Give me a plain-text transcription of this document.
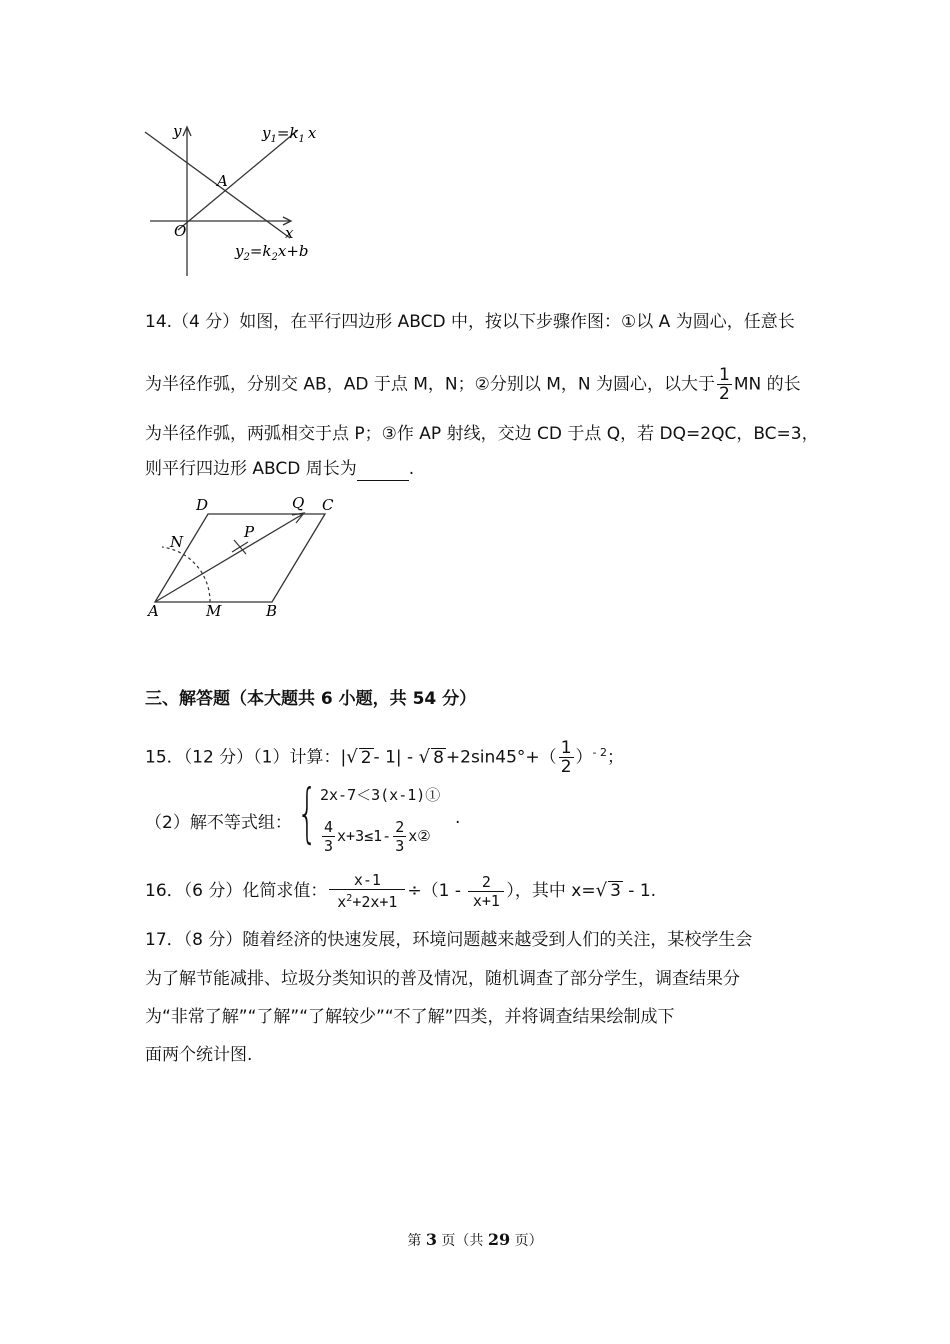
y
x
O
A
$y_1=k_1$ x
$y_2=k_2x+b$
14.（4 分）如图，在平行四边形 ABCD 中，按以下步骤作图：①以 A 为圆心，任意长
为半径作弧，分别交 AB，AD 于点 M，N；②分别以 M，N 为圆心，以大于 $\frac{1}{2}$ MN 的长
为半径作弧，两弧相交于点 P；③作 AP 射线，交边 CD 于点 Q，若 DQ=2QC，BC=3，
则平行四边形 ABCD 周长为	.
D	Q C
N
P
A	M	B
三、解答题（本大题共 6 小题，共 54 分）
15．（12 分）（1）计算：|√ 2 - 1| - √ $8 +2\sin 45^\circ+( \frac{1}{2} )^{- 2}$；
（2）解不等式组： { 2x-7＜3(x-1)①
$\frac{4}{3} x+3\le 1- \frac{2}{3}$ x②
.
16．（6 分）化简求值： $\frac{x-1}{x^2+2x+1} \div(1 - \frac{2}{x+1}$ ），其中 x=√ 3 - 1.
17．（8 分）随着经济的快速发展，环境问题越来越受到人们的关注，某校学生会
为了解节能减排、垃圾分类知识的普及情况，随机调查了部分学生，调查结果分
为“非常了解”“了解”“了解较少”“不了解”四类，并将调查结果绘制成下
面两个统计图.
第 3 页（共 29 页）
